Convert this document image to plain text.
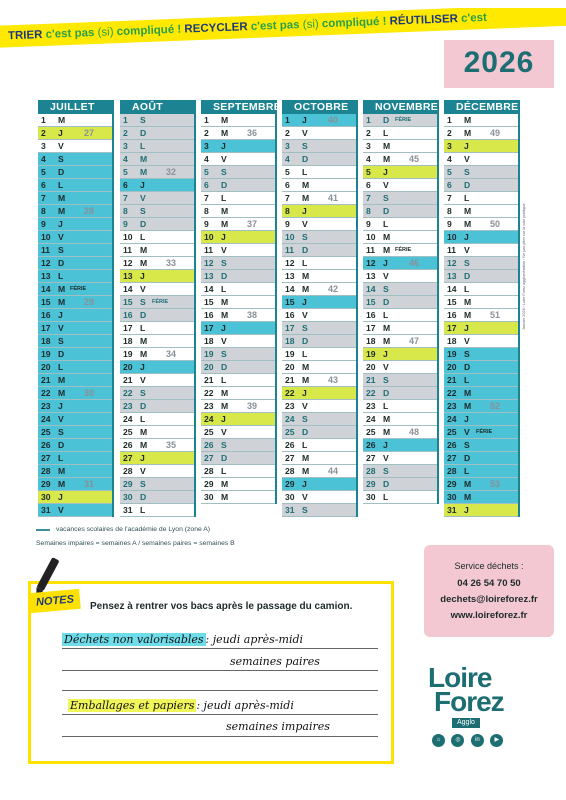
TRIER c'est pas (si) compliqué ! RECYCLER c'est pas (si) compliqué ! RÉUTILISER c'est
2026
JUILLET
1	M
2	J 27
3	V
4	S
5	D
6	L
7	M
8	M 28
9	J
10 V
11 S
12 D
13 L
14 M FÉRIE
15 M 29
16 J
17 V
18 S
19 D
20 L
21 M
22 M 30
23 J
24 V
25 S
26 D
27 L
28 M
29 M 31
30 J
31 V
AOÛT
1	S
2	D
3	L
4	M
5	M 32
6	J
7	V
8	S
9	D
10 L
11 M
12 M 33
13 J
14 V
15 S FÉRIE
16 D
17 L
18 M
19 M 34
20 J
21 V
22 S
23 D
24 L
25 M
26 M 35
27 J
28 V
29 S
30 D
31 L
SEPTEMBRE
1	M
2	M 36
3	J
4	V
5	S
6	D
7	L
8	M
9	M 37
10 J
11 V
12 S
13 D
14 L
15 M
16 M 38
17 J
18 V
19 S
20 D
21 L
22 M
23 M 39
24 J
25 V
26 S
27 D
28 L
29 M
30 M
OCTOBRE
1	J 40
2	V
3	S
4	D
5	L
6	M
7	M 41
8	J
9	V
10 S
11 D
12 L
13 M
14 M 42
15 J
16 V
17 S
18 D
19 L
20 M
21 M 43
22 J
23 V
24 S
25 D
26 L
27 M
28 M 44
29 J
30 V
31 S
NOVEMBRE
1	D FÉRIE
2	L
3	M
4	M 45
5	J
6	V
7	S
8	D
9	L
10 M
11 M FÉRIE
12 J 46
13 V
14 S
15 D
16 L
17 M
18 M 47
19 J
20 V
21 S
22 D
23 L
24 M
25 M 48
26 J
27 V
28 S
29 D
30 L
DÉCEMBRE
1	M
2	M 49
3	J
4	V
5	S
6	D
7	L
8	M
9	M 50
10 J
11 V
12 S
13 D
14 L
15 M
16 M 51
17 J
18 V
19 S
20 D
21 L
22 M
23 M 52
24 J
25 V FÉRIE
26 S
27 D
28 L
29 M 53
30 M
31 J
vacances scolaires de l'académie de Lyon (zone A)
Semaines impaires = semaines A / semaines paires = semaines B
Janvier 2026 / Loire Forez agglomération / Ne pas jeter sur la voie publique
NOTES	Pensez à rentrer vos bacs après le passage du camion.
Déchets non valorisables : jeudi après-midi
semaines paires
Emballages et papiers : jeudi après-midi
semaines impaires
Service déchets :
04 26 54 70 50
dechets@loireforez.fr
www.loireforez.fr
Loire
Forez
Agglo
⌂	◎ in ▶
